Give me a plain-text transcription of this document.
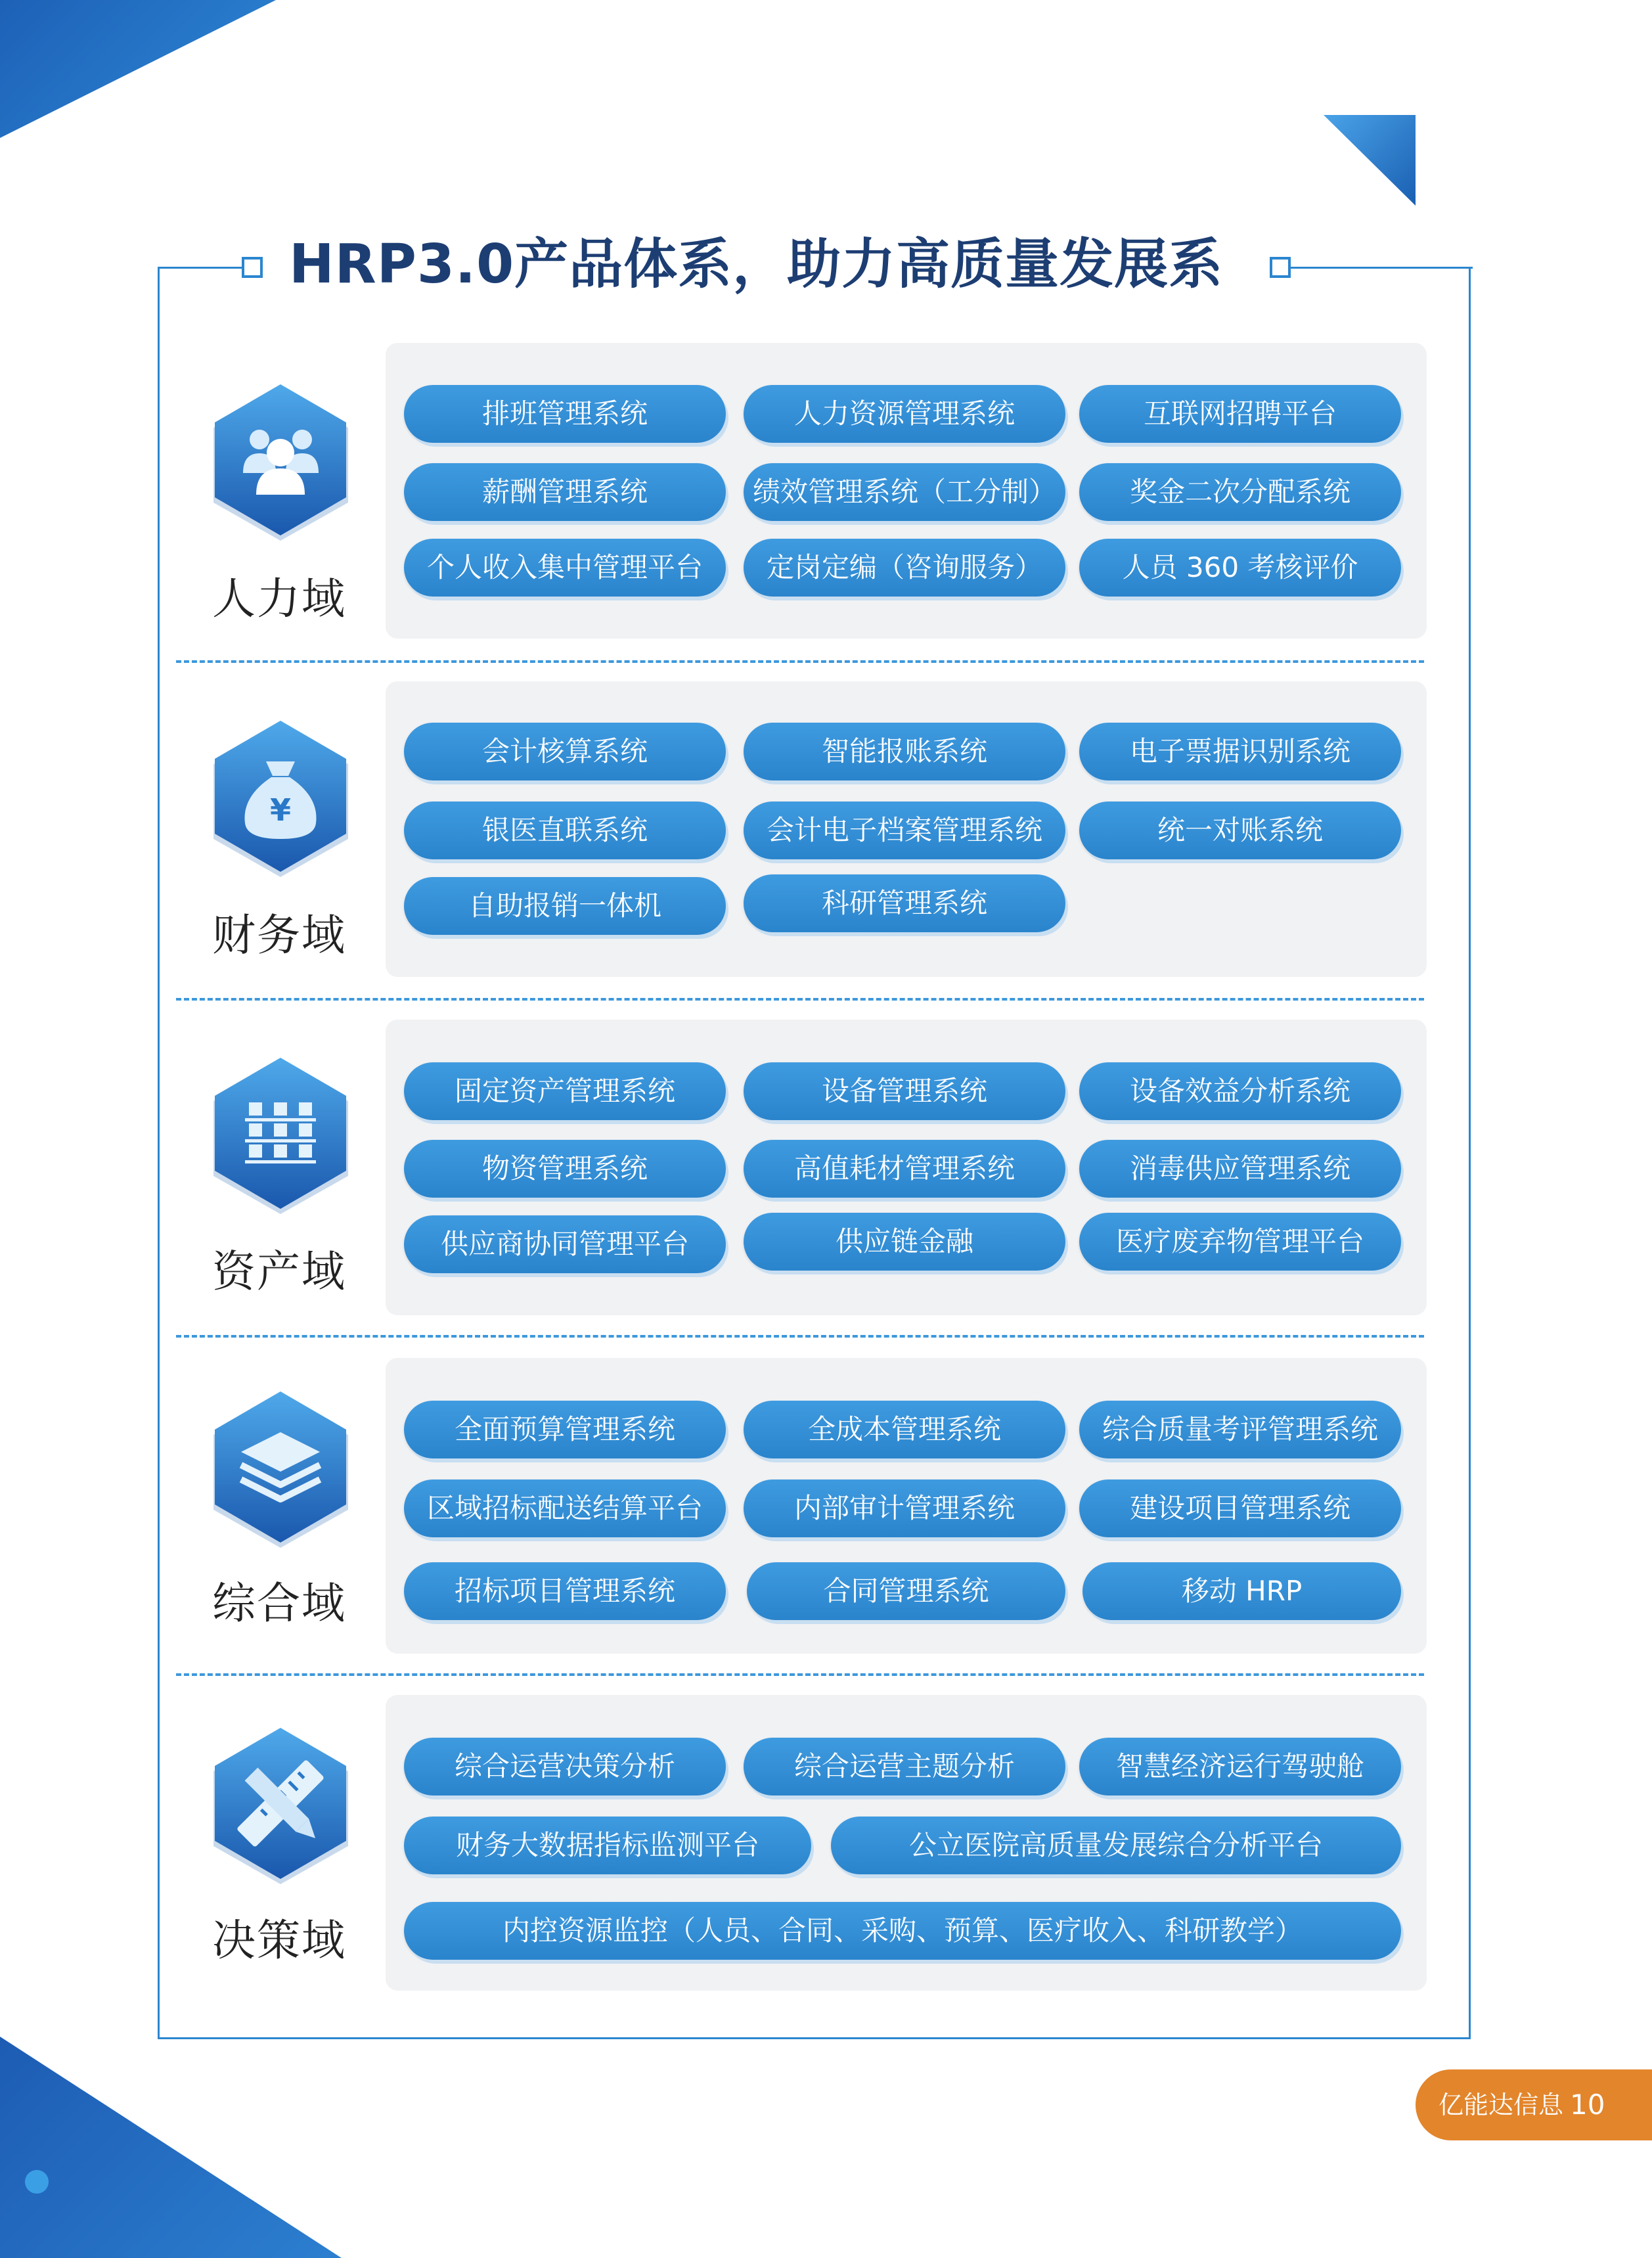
HRP3.0产品体系，助力高质量发展系
人力域
排班管理系统	人力资源管理系统	互联网招聘平台
薪酬管理系统	绩效管理系统（工分制）	奖金二次分配系统
个人收入集中管理平台	定岗定编（咨询服务）	人员 360 考核评价
¥
财务域
会计核算系统	智能报账系统	电子票据识别系统
银医直联系统	会计电子档案管理系统	统一对账系统
自助报销一体机	科研管理系统
资产域
固定资产管理系统	设备管理系统	设备效益分析系统
物资管理系统	高值耗材管理系统	消毒供应管理系统
供应商协同管理平台	供应链金融	医疗废弃物管理平台
综合域
全面预算管理系统	全成本管理系统	综合质量考评管理系统
区域招标配送结算平台	内部审计管理系统	建设项目管理系统
招标项目管理系统	合同管理系统	移动 HRP
决策域
综合运营决策分析	综合运营主题分析	智慧经济运行驾驶舱
财务大数据指标监测平台	公立医院高质量发展综合分析平台
内控资源监控（人员、合同、采购、预算、医疗收入、科研教学）
亿能达信息 10
